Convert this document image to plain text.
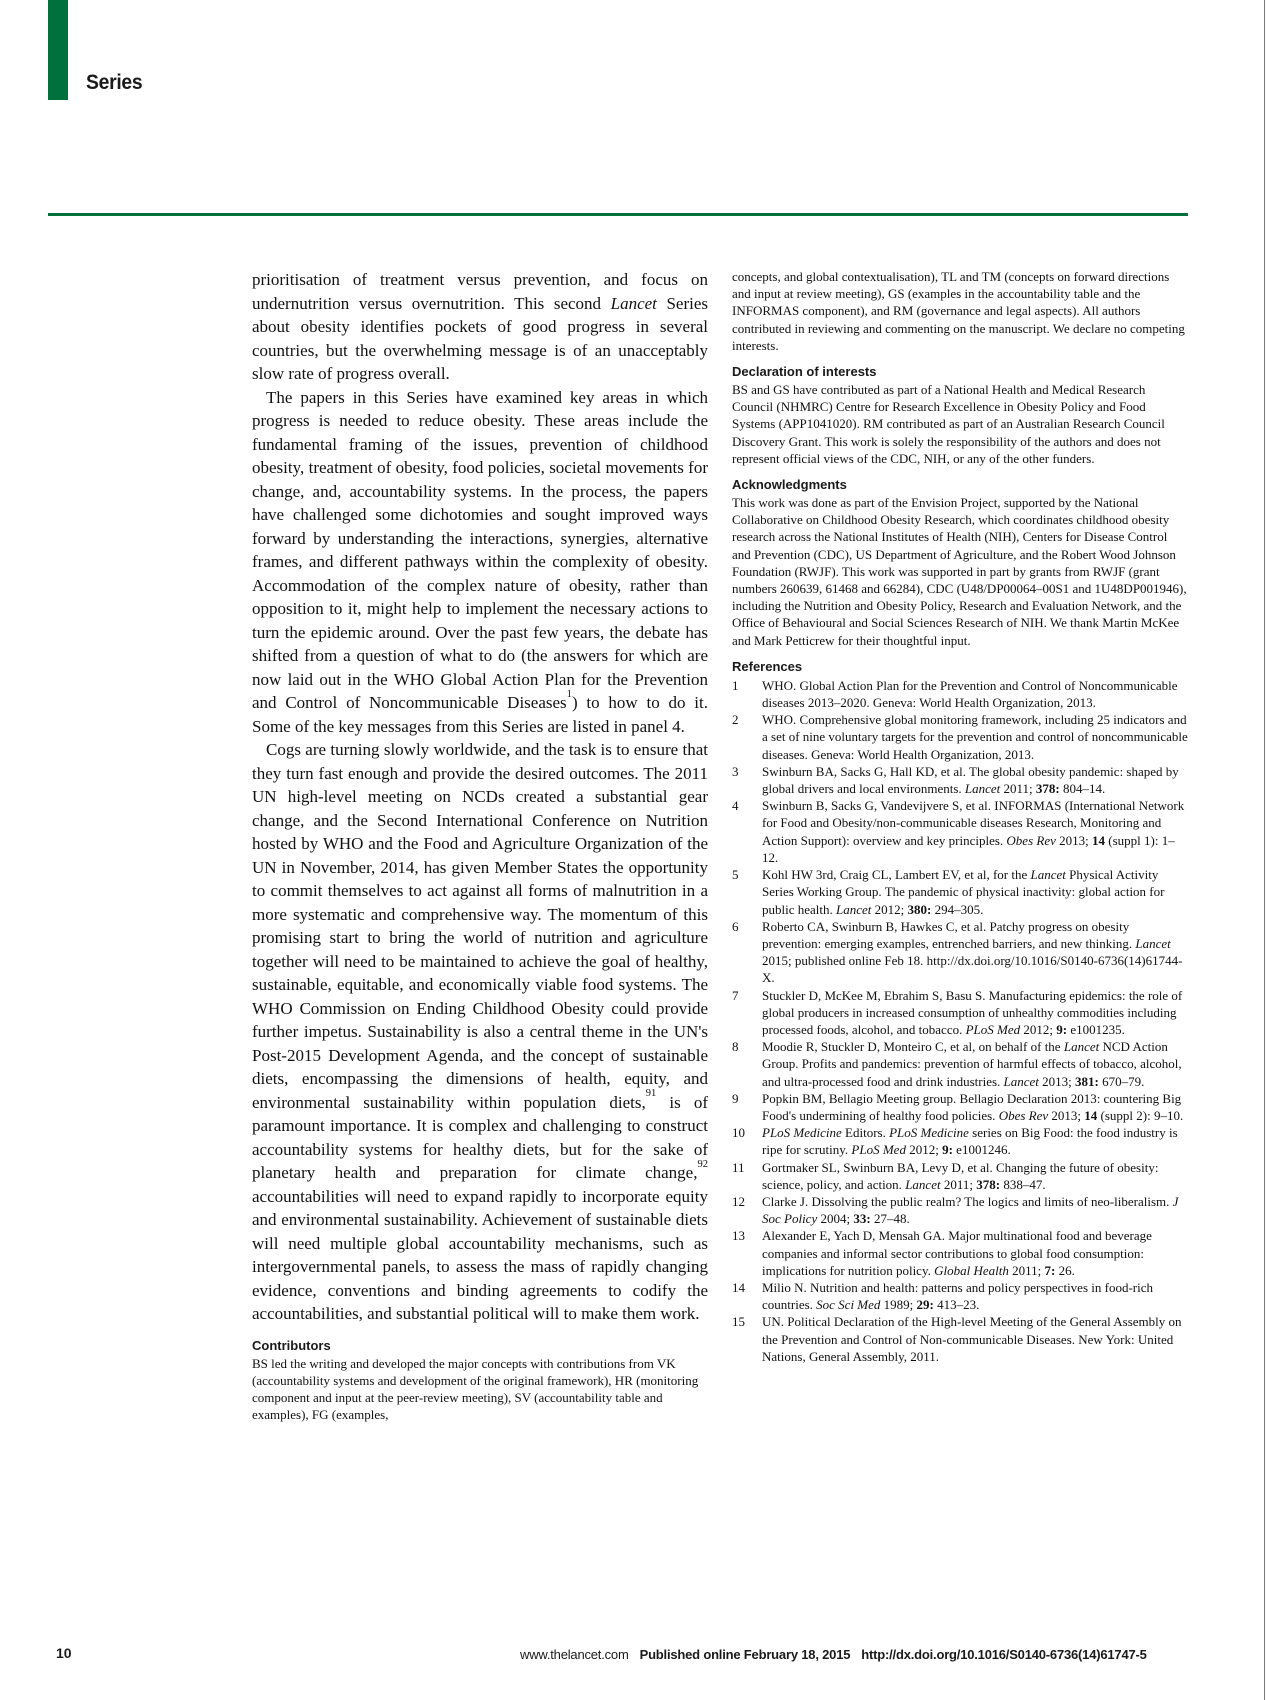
Series

prioritisation of treatment versus prevention, and focus on undernutrition versus overnutrition. This second Lancet Series about obesity identifies pockets of good progress in several countries, but the overwhelming message is of an unacceptably slow rate of progress overall.

The papers in this Series have examined key areas in which progress is needed to reduce obesity. These areas include the fundamental framing of the issues, prevention of childhood obesity, treatment of obesity, food policies, societal movements for change, and, accountability systems. In the process, the papers have challenged some dichotomies and sought improved ways forward by understanding the interactions, synergies, alternative frames, and different pathways within the complexity of obesity. Accommodation of the complex nature of obesity, rather than opposition to it, might help to implement the necessary actions to turn the epidemic around. Over the past few years, the debate has shifted from a question of what to do (the answers for which are now laid out in the WHO Global Action Plan for the Prevention and Control of Noncommunicable Diseases$^1$) to how to do it. Some of the key messages from this Series are listed in panel 4.

Cogs are turning slowly worldwide, and the task is to ensure that they turn fast enough and provide the desired outcomes. The 2011 UN high-level meeting on NCDs created a substantial gear change, and the Second International Conference on Nutrition hosted by WHO and the Food and Agriculture Organization of the UN in November, 2014, has given Member States the opportunity to commit themselves to act against all forms of malnutrition in a more systematic and comprehensive way. The momentum of this promising start to bring the world of nutrition and agriculture together will need to be maintained to achieve the goal of healthy, sustainable, equitable, and economically viable food systems. The WHO Commission on Ending Childhood Obesity could provide further impetus. Sustainability is also a central theme in the UN's Post-2015 Development Agenda, and the concept of sustainable diets, encompassing the dimensions of health, equity, and environmental sustainability within population diets,$^{91}$ is of paramount importance. It is complex and challenging to construct accountability systems for healthy diets, but for the sake of planetary health and preparation for climate change,$^{92}$ accountabilities will need to expand rapidly to incorporate equity and environmental sustainability. Achievement of sustainable diets will need multiple global accountability mechanisms, such as intergovernmental panels, to assess the mass of rapidly changing evidence, conventions and binding agreements to codify the accountabilities, and substantial political will to make them work.

Contributors
BS led the writing and developed the major concepts with contributions from VK (accountability systems and development of the original framework), HR (monitoring component and input at the peer-review meeting), SV (accountability table and examples), FG (examples,
concepts, and global contextualisation), TL and TM (concepts on forward directions and input at review meeting), GS (examples in the accountability table and the INFORMAS component), and RM (governance and legal aspects). All authors contributed in reviewing and commenting on the manuscript. We declare no competing interests.
Declaration of interests
BS and GS have contributed as part of a National Health and Medical Research Council (NHMRC) Centre for Research Excellence in Obesity Policy and Food Systems (APP1041020). RM contributed as part of an Australian Research Council Discovery Grant. This work is solely the responsibility of the authors and does not represent official views of the CDC, NIH, or any of the other funders.
Acknowledgments
This work was done as part of the Envision Project, supported by the National Collaborative on Childhood Obesity Research, which coordinates childhood obesity research across the National Institutes of Health (NIH), Centers for Disease Control and Prevention (CDC), US Department of Agriculture, and the Robert Wood Johnson Foundation (RWJF). This work was supported in part by grants from RWJF (grant numbers 260639, 61468 and 66284), CDC (U48/DP00064–00S1 and 1U48DP001946), including the Nutrition and Obesity Policy, Research and Evaluation Network, and the Office of Behavioural and Social Sciences Research of NIH. We thank Martin McKee and Mark Petticrew for their thoughtful input.
References
1	WHO. Global Action Plan for the Prevention and Control of Noncommunicable diseases 2013–2020. Geneva: World Health Organization, 2013.
2	WHO. Comprehensive global monitoring framework, including 25 indicators and a set of nine voluntary targets for the prevention and control of noncommunicable diseases. Geneva: World Health Organization, 2013.
3	Swinburn BA, Sacks G, Hall KD, et al. The global obesity pandemic: shaped by global drivers and local environments. Lancet 2011; 378: 804–14.
4	Swinburn B, Sacks G, Vandevijvere S, et al. INFORMAS (International Network for Food and Obesity/non-communicable diseases Research, Monitoring and Action Support): overview and key principles. Obes Rev 2013; 14 (suppl 1): 1–12.
5	Kohl HW 3rd, Craig CL, Lambert EV, et al, for the Lancet Physical Activity Series Working Group. The pandemic of physical inactivity: global action for public health. Lancet 2012; 380: 294–305.
6	Roberto CA, Swinburn B, Hawkes C, et al. Patchy progress on obesity prevention: emerging examples, entrenched barriers, and new thinking. Lancet 2015; published online Feb 18. http://dx.doi.org/10.1016/S0140-6736(14)61744-X.
7	Stuckler D, McKee M, Ebrahim S, Basu S. Manufacturing epidemics: the role of global producers in increased consumption of unhealthy commodities including processed foods, alcohol, and tobacco. PLoS Med 2012; 9: e1001235.
8	Moodie R, Stuckler D, Monteiro C, et al, on behalf of the Lancet NCD Action Group. Profits and pandemics: prevention of harmful effects of tobacco, alcohol, and ultra-processed food and drink industries. Lancet 2013; 381: 670–79.
9	Popkin BM, Bellagio Meeting group. Bellagio Declaration 2013: countering Big Food's undermining of healthy food policies. Obes Rev 2013; 14 (suppl 2): 9–10.
10	PLoS Medicine Editors. PLoS Medicine series on Big Food: the food industry is ripe for scrutiny. PLoS Med 2012; 9: e1001246.
11	Gortmaker SL, Swinburn BA, Levy D, et al. Changing the future of obesity: science, policy, and action. Lancet 2011; 378: 838–47.
12	Clarke J. Dissolving the public realm? The logics and limits of neo-liberalism. J Soc Policy 2004; 33: 27–48.
13	Alexander E, Yach D, Mensah GA. Major multinational food and beverage companies and informal sector contributions to global food consumption: implications for nutrition policy. Global Health 2011; 7: 26.
14	Milio N. Nutrition and health: patterns and policy perspectives in food-rich countries. Soc Sci Med 1989; 29: 413–23.
15	UN. Political Declaration of the High-level Meeting of the General Assembly on the Prevention and Control of Non-communicable Diseases. New York: United Nations, General Assembly, 2011.
10	www.thelancet.com Published online February 18, 2015 http://dx.doi.org/10.1016/S0140-6736(14)61747-5
